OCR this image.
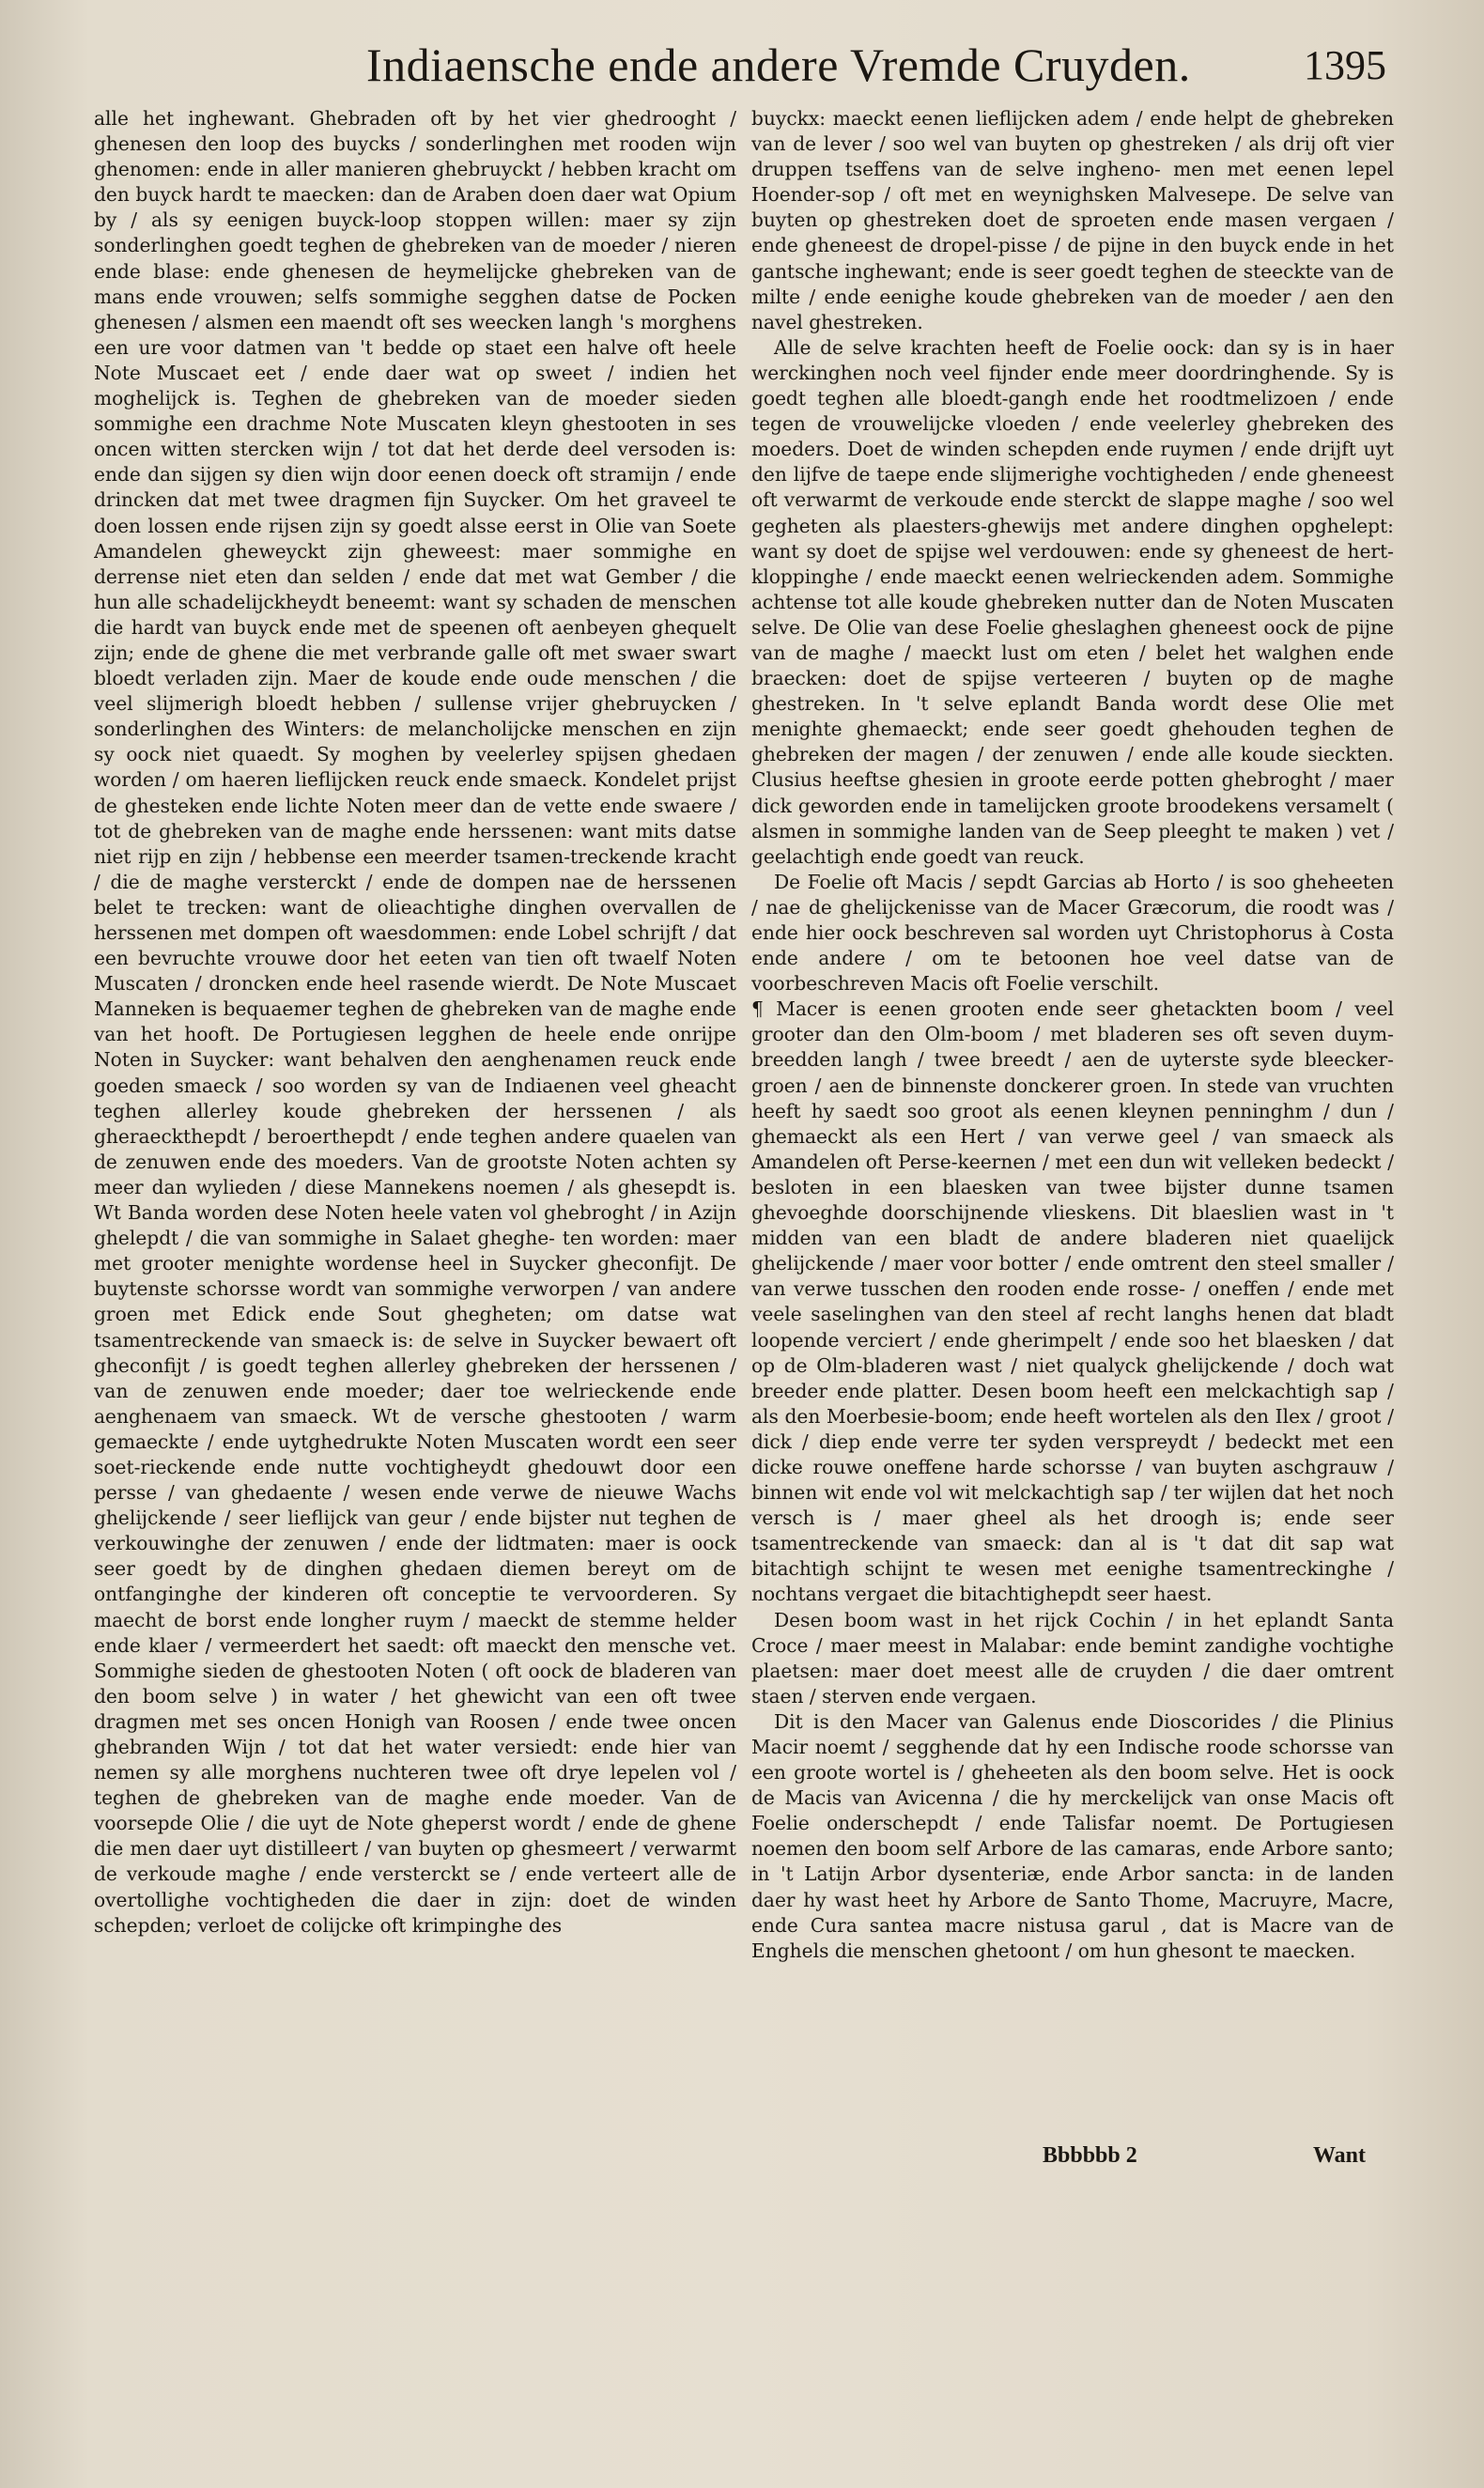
Indiaensche ende andere Vremde Cruyden.	1395

alle het inghewant. Ghebraden oft by het vier ghedrooght / ghenesen den loop des buycks / sonderlinghen met rooden wijn ghenomen: ende in aller manieren ghebruyckt / hebben kracht om den buyck hardt te maecken: dan de Araben doen daer wat Opium by / als sy eenigen buyck-loop stoppen willen: maer sy zijn sonderlinghen goedt teghen de ghebreken van de moeder / nieren ende blase: ende ghenesen de heymelijcke ghebreken van de mans ende vrouwen; selfs sommighe segghen datse de Pocken ghenesen / alsmen een maendt oft ses weecken langh 's morghens een ure voor datmen van 't bedde op staet een halve oft heele Note Muscaet eet / ende daer wat op sweet / indien het moghelijck is. Teghen de ghebreken van de moeder sieden sommighe een drachme Note Muscaten kleyn ghestooten in ses oncen witten stercken wijn / tot dat het derde deel versoden is: ende dan sijgen sy dien wijn door eenen doeck oft stramijn / ende drincken dat met twee dragmen fijn Suycker. Om het graveel te doen lossen ende rijsen zijn sy goedt alsse eerst in Olie van Soete Amandelen gheweyckt zijn gheweest: maer sommighe en derrense niet eten dan selden / ende dat met wat Gember / die hun alle schadelijckheydt beneemt: want sy schaden de menschen die hardt van buyck ende met de speenen oft aenbeyen ghequelt zijn; ende de ghene die met verbrande galle oft met swaer swart bloedt verladen zijn. Maer de koude ende oude menschen / die veel slijmerigh bloedt hebben / sullense vrijer ghebruycken / sonderlinghen des Winters: de melancholijcke menschen en zijn sy oock niet quaedt. Sy moghen by veelerley spijsen ghedaen worden / om haeren lieflijcken reuck ende smaeck. Kondelet prijst de ghesteken ende lichte Noten meer dan de vette ende swaere / tot de ghebreken van de maghe ende herssenen: want mits datse niet rijp en zijn / hebbense een meerder tsamen-treckende kracht / die de maghe versterckt / ende de dompen nae de herssenen belet te trecken: want de olieachtighe dinghen overvallen de herssenen met dompen oft waesdommen: ende Lobel schrijft / dat een bevruchte vrouwe door het eeten van tien oft twaelf Noten Muscaten / droncken ende heel rasende wierdt. De Note Muscaet Manneken is bequaemer teghen de ghebreken van de maghe ende van het hooft. De Portugiesen legghen de heele ende onrijpe Noten in Suycker: want behalven den aenghenamen reuck ende goeden smaeck / soo worden sy van de Indiaenen veel gheacht teghen allerley koude ghebreken der herssenen / als gheraeckthepdt / beroerthepdt / ende teghen andere quaelen van de zenuwen ende des moeders. Van de grootste Noten achten sy meer dan wylieden / diese Mannekens noemen / als ghesepdt is. Wt Banda worden dese Noten heele vaten vol ghebroght / in Azijn ghelepdt / die van sommighe in Salaet gheghe- ten worden: maer met grooter menighte wordense heel in Suycker gheconfijt. De buytenste schorsse wordt van sommighe verworpen / van andere groen met Edick ende Sout ghegheten; om datse wat tsamentreckende van smaeck is: de selve in Suycker bewaert oft gheconfijt / is goedt teghen allerley ghebreken der herssenen / van de zenuwen ende moeder; daer toe welrieckende ende aenghenaem van smaeck. Wt de versche ghestooten / warm gemaeckte / ende uytghedrukte Noten Muscaten wordt een seer soet-rieckende ende nutte vochtigheydt ghedouwt door een persse / van ghedaente / wesen ende verwe de nieuwe Wachs ghelijckende / seer lieflijck van geur / ende bijster nut teghen de verkouwinghe der zenuwen / ende der lidtmaten: maer is oock seer goedt by de dinghen ghedaen diemen bereyt om de ontfanginghe der kinderen oft conceptie te vervoorderen. Sy maecht de borst ende longher ruym / maeckt de stemme helder ende klaer / vermeerdert het saedt: oft maeckt den mensche vet. Sommighe sieden de ghestooten Noten ( oft oock de bladeren van den boom selve ) in water / het ghewicht van een oft twee dragmen met ses oncen Honigh van Roosen / ende twee oncen ghebranden Wijn / tot dat het water versiedt: ende hier van nemen sy alle morghens nuchteren twee oft drye lepelen vol / teghen de ghebreken van de maghe ende moeder. Van de voorsepde Olie / die uyt de Note gheperst wordt / ende de ghene die men daer uyt distilleert / van buyten op ghesmeert / verwarmt de verkoude maghe / ende versterckt se / ende verteert alle de overtollighe vochtigheden die daer in zijn: doet de winden schepden; verloet de colijcke oft krimpinghe des

buyckx: maeckt eenen lieflijcken adem / ende helpt de ghebreken van de lever / soo wel van buyten op ghestreken / als drij oft vier druppen tseffens van de selve ingheno- men met eenen lepel Hoender-sop / oft met en weynighsken Malvesepe. De selve van buyten op ghestreken doet de sproeten ende masen vergaen / ende gheneest de dropel-pisse / de pijne in den buyck ende in het gantsche inghewant; ende is seer goedt teghen de steeckte van de milte / ende eenighe koude ghebreken van de moeder / aen den navel ghestreken.

Alle de selve krachten heeft de Foelie oock: dan sy is in haer werckinghen noch veel fijnder ende meer doordringhende. Sy is goedt teghen alle bloedt-gangh ende het roodtmelizoen / ende tegen de vrouwelijcke vloeden / ende veelerley ghebreken des moeders. Doet de winden schepden ende ruymen / ende drijft uyt den lijfve de taepe ende slijmerighe vochtigheden / ende gheneest oft verwarmt de verkoude ende sterckt de slappe maghe / soo wel gegheten als plaesters-ghewijs met andere dinghen opghelept: want sy doet de spijse wel verdouwen: ende sy gheneest de hert-kloppinghe / ende maeckt eenen welrieckenden adem. Sommighe achtense tot alle koude ghebreken nutter dan de Noten Muscaten selve. De Olie van dese Foelie gheslaghen gheneest oock de pijne van de maghe / maeckt lust om eten / belet het walghen ende braecken: doet de spijse verteeren / buyten op de maghe ghestreken. In 't selve eplandt Banda wordt dese Olie met menighte ghemaeckt; ende seer goedt ghehouden teghen de ghebreken der magen / der zenuwen / ende alle koude sieckten. Clusius heeftse ghesien in groote eerde potten ghebroght / maer dick geworden ende in tamelijcken groote broodekens versamelt ( alsmen in sommighe landen van de Seep pleeght te maken ) vet / geelachtigh ende goedt van reuck.

De Foelie oft Macis / sepdt Garcias ab Horto / is soo gheheeten / nae de ghelijckenisse van de Macer Græcorum, die roodt was / ende hier oock beschreven sal worden uyt Christophorus à Costa ende andere / om te betoonen hoe veel datse van de voorbeschreven Macis oft Foelie verschilt.

¶ Macer is eenen grooten ende seer ghetackten boom / veel grooter dan den Olm-boom / met bladeren ses oft seven duym-breedden langh / twee breedt / aen de uyterste syde bleecker-groen / aen de binnenste donckerer groen. In stede van vruchten heeft hy saedt soo groot als eenen kleynen penninghm / dun / ghemaeckt als een Hert / van verwe geel / van smaeck als Amandelen oft Perse-keernen / met een dun wit velleken bedeckt / besloten in een blaesken van twee bijster dunne tsamen ghevoeghde doorschijnende vlieskens. Dit blaeslien wast in 't midden van een bladt de andere bladeren niet quaelijck ghelijckende / maer voor botter / ende omtrent den steel smaller / van verwe tusschen den rooden ende rosse- / oneffen / ende met veele saselinghen van den steel af recht langhs henen dat bladt loopende verciert / ende gherimpelt / ende soo het blaesken / dat op de Olm-bladeren wast / niet qualyck ghelijckende / doch wat breeder ende platter. Desen boom heeft een melckachtigh sap / als den Moerbesie-boom; ende heeft wortelen als den Ilex / groot / dick / diep ende verre ter syden verspreydt / bedeckt met een dicke rouwe oneffene harde schorsse / van buyten aschgrauw / binnen wit ende vol wit melckachtigh sap / ter wijlen dat het noch versch is / maer gheel als het droogh is; ende seer tsamentreckende van smaeck: dan al is 't dat dit sap wat bitachtigh schijnt te wesen met eenighe tsamentreckinghe / nochtans vergaet die bitachtighepdt seer haest.

Desen boom wast in het rijck Cochin / in het eplandt Santa Croce / maer meest in Malabar: ende bemint zandighe vochtighe plaetsen: maer doet meest alle de cruyden / die daer omtrent staen / sterven ende vergaen.

Dit is den Macer van Galenus ende Dioscorides / die Plinius Macir noemt / segghende dat hy een Indische roode schorsse van een groote wortel is / gheheeten als den boom selve. Het is oock de Macis van Avicenna / die hy merckelijck van onse Macis oft Foelie onderschepdt / ende Talisfar noemt. De Portugiesen noemen den boom self Arbore de las camaras, ende Arbore santo; in 't Latijn Arbor dysenteriæ, ende Arbor sancta: in de landen daer hy wast heet hy Arbore de Santo Thome, Macruyre, Macre, ende Cura santea macre nistusa garul , dat is Macre van de Enghels die menschen ghetoont / om hun ghesont te maecken.

Bbbbbb 2	Want
